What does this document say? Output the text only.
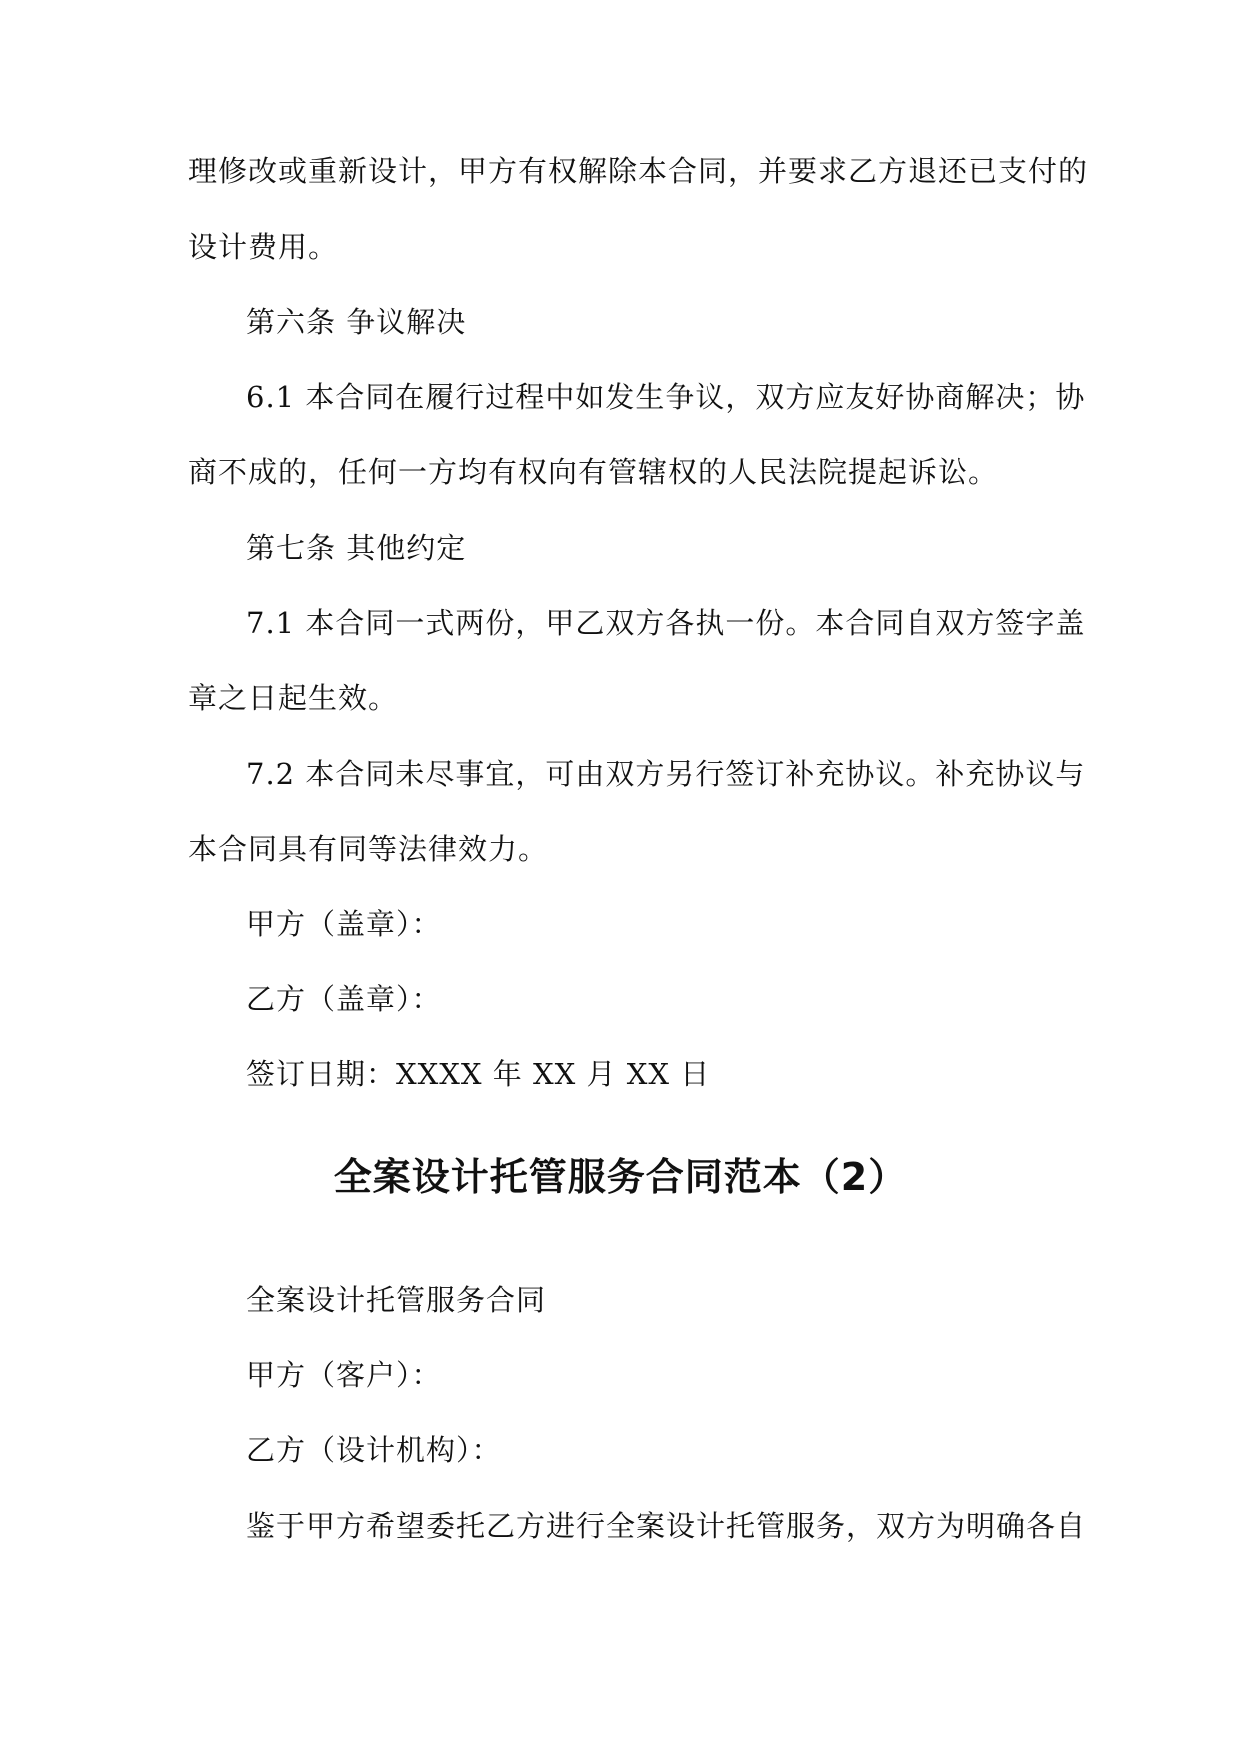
理修改或重新设计，甲方有权解除本合同，并要求乙方退还已支付的
设计费用。
第六条 争议解决
6.1 本合同在履行过程中如发生争议，双方应友好协商解决；协
商不成的，任何一方均有权向有管辖权的人民法院提起诉讼。
第七条 其他约定
7.1 本合同一式两份，甲乙双方各执一份。本合同自双方签字盖
章之日起生效。
7.2 本合同未尽事宜，可由双方另行签订补充协议。补充协议与
本合同具有同等法律效力。
甲方（盖章）：
乙方（盖章）：
签订日期：XXXX 年 XX 月 XX 日
全案设计托管服务合同范本（2）
全案设计托管服务合同
甲方（客户）：
乙方（设计机构）：
鉴于甲方希望委托乙方进行全案设计托管服务，双方为明确各自
